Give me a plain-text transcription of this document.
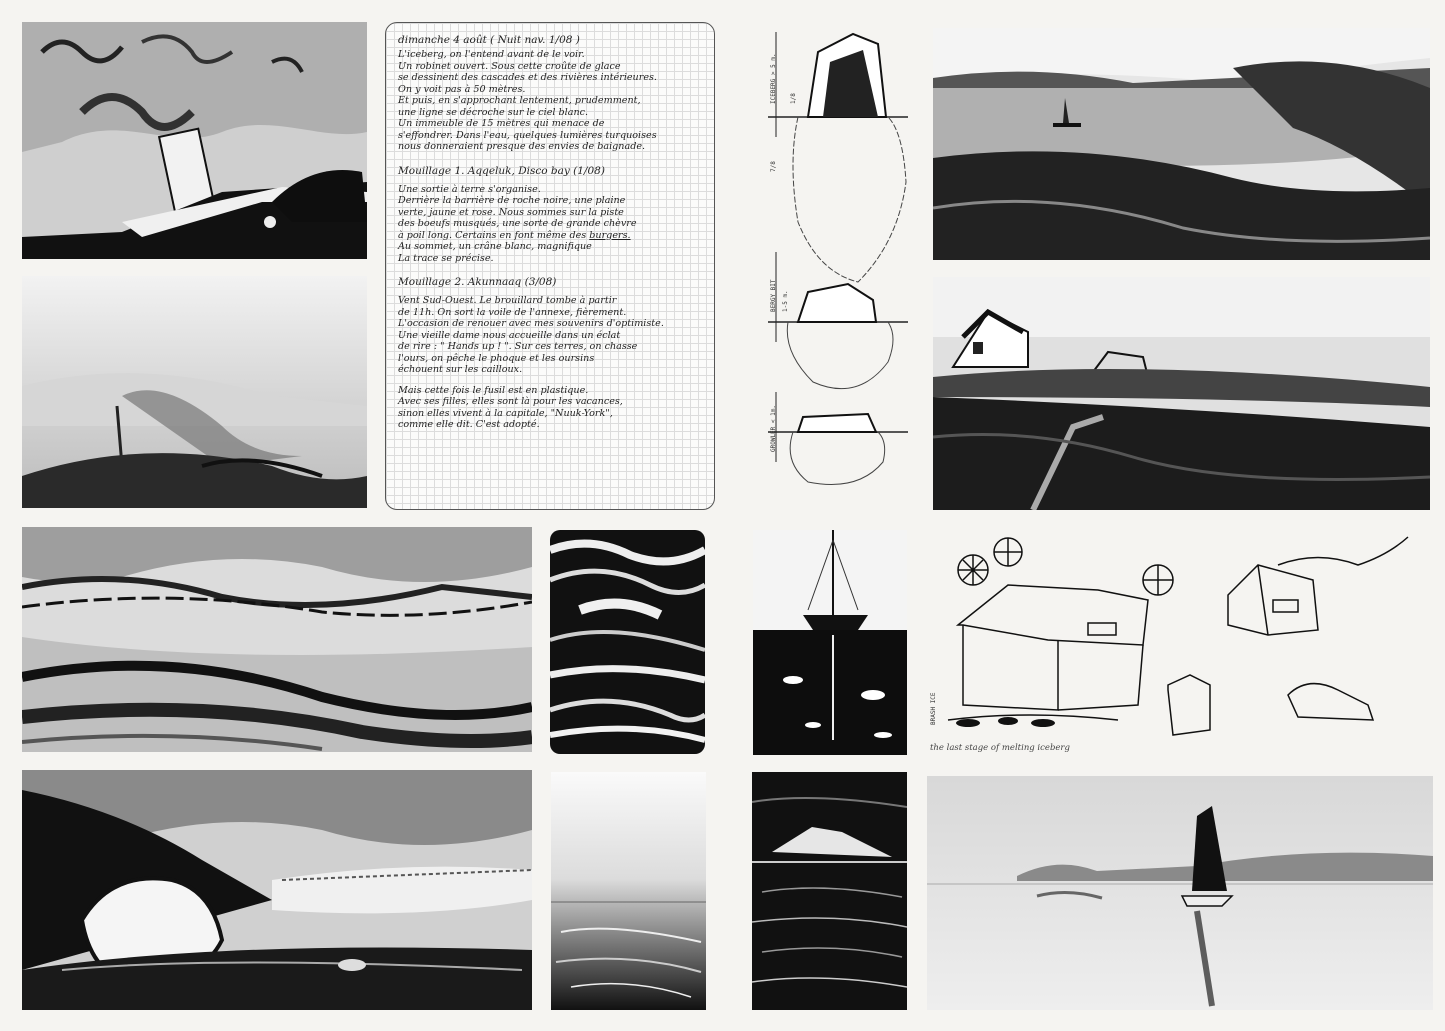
dimanche 4 août ( Nuit nav. 1/08 )
L'iceberg, on l'entend avant de le voir.
Un robinet ouvert. Sous cette croûte de glace
se dessinent des cascades et des rivières intérieures.
On y voit pas à 50 mètres.
Et puis, en s'approchant lentement, prudemment,
une ligne se décroche sur le ciel blanc.
Un immeuble de 15 mètres qui menace de
s'effondrer. Dans l'eau, quelques lumières turquoises
nous donneraient presque des envies de baignade.
Mouillage 1. Aqqeluk, Disco bay (1/08)
Une sortie à terre s'organise.
Derrière la barrière de roche noire, une plaine
verte, jaune et rose. Nous sommes sur la piste
des boeufs musqués, une sorte de grande chèvre
à poil long. Certains en font même des burgers.
Au sommet, un crâne blanc, magnifique
La trace se précise.
Mouillage 2. Akunnaaq (3/08)
Vent Sud-Ouest. Le brouillard tombe à partir
de 11h. On sort la voile de l'annexe, fièrement.
L'occasion de renouer avec mes souvenirs d'optimiste.
Une vieille dame nous accueille dans un éclat
de rire : " Hands up ! ". Sur ces terres, on chasse
l'ours, on pêche le phoque et les oursins
échouent sur les cailloux.
Mais cette fois le fusil est en plastique.
Avec ses filles, elles sont là pour les vacances,
sinon elles vivent à la capitale, "Nuuk-York",
comme elle dit. C'est adopté.
ICEBERG > 5 m. 1/8
7/8
BERGY BIT 1-5 m.
GROWLER < 1m.
BRASH ICE
the last stage of melting iceberg
